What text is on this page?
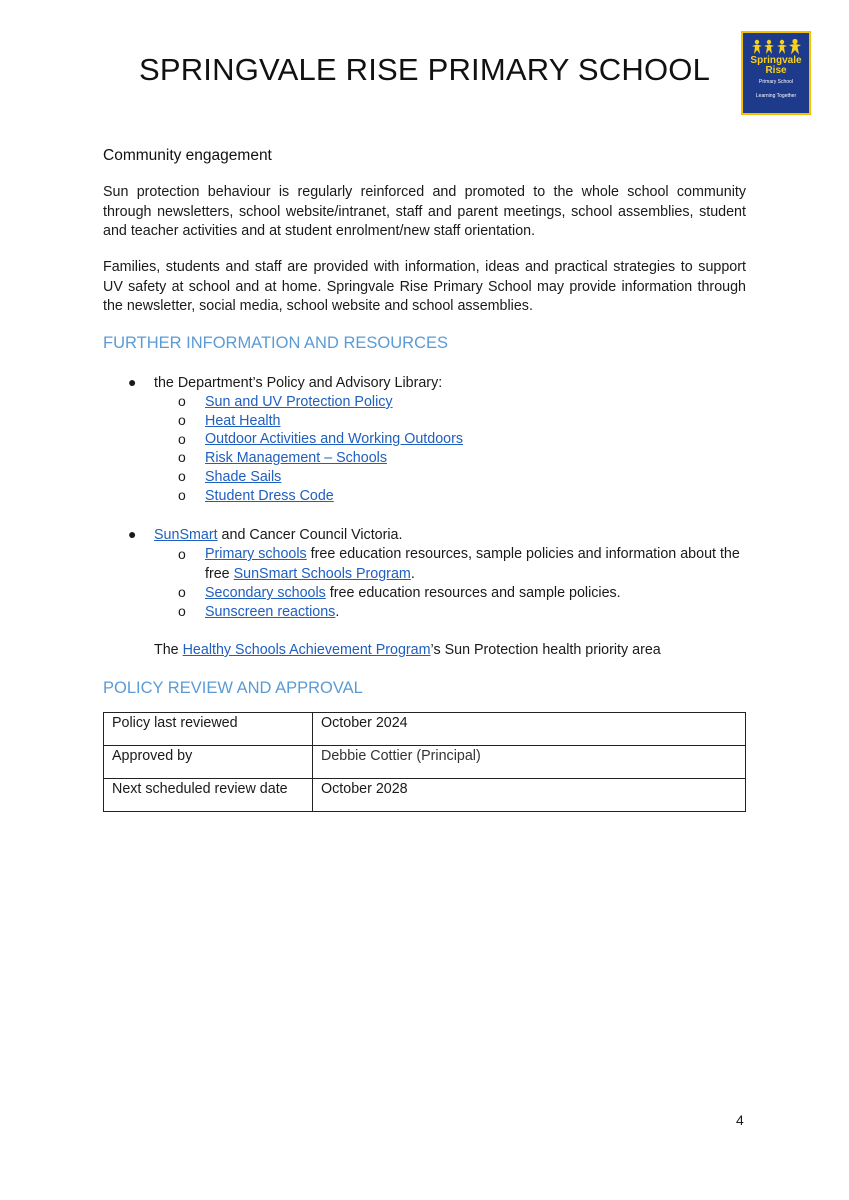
SPRINGVALE RISE PRIMARY SCHOOL	Springvale
Rise
Primary School
Learning Together
Community engagement

Sun protection behaviour is regularly reinforced and promoted to the whole school community through newsletters, school website/intranet, staff and parent meetings, school assemblies, student and teacher activities and at student enrolment/new staff orientation.

Families, students and staff are provided with information, ideas and practical strategies to support UV safety at school and at home. Springvale Rise Primary School may provide information through the newsletter, social media, school website and school assemblies.

FURTHER INFORMATION AND RESOURCES
● the Department’s Policy and Advisory Library:
o Sun and UV Protection Policy
o Heat Health
o Outdoor Activities and Working Outdoors
o Risk Management – Schools
o Shade Sails
o Student Dress Code
● SunSmart and Cancer Council Victoria.
o Primary schools free education resources, sample policies and information about the
free SunSmart Schools Program.
o Secondary schools free education resources and sample policies.
o Sunscreen reactions.
The Healthy Schools Achievement Program’s Sun Protection health priority area
POLICY REVIEW AND APPROVAL
Policy last reviewed	October 2024
Approved by	Debbie Cottier (Principal)
Next scheduled review date	October 2028
4
